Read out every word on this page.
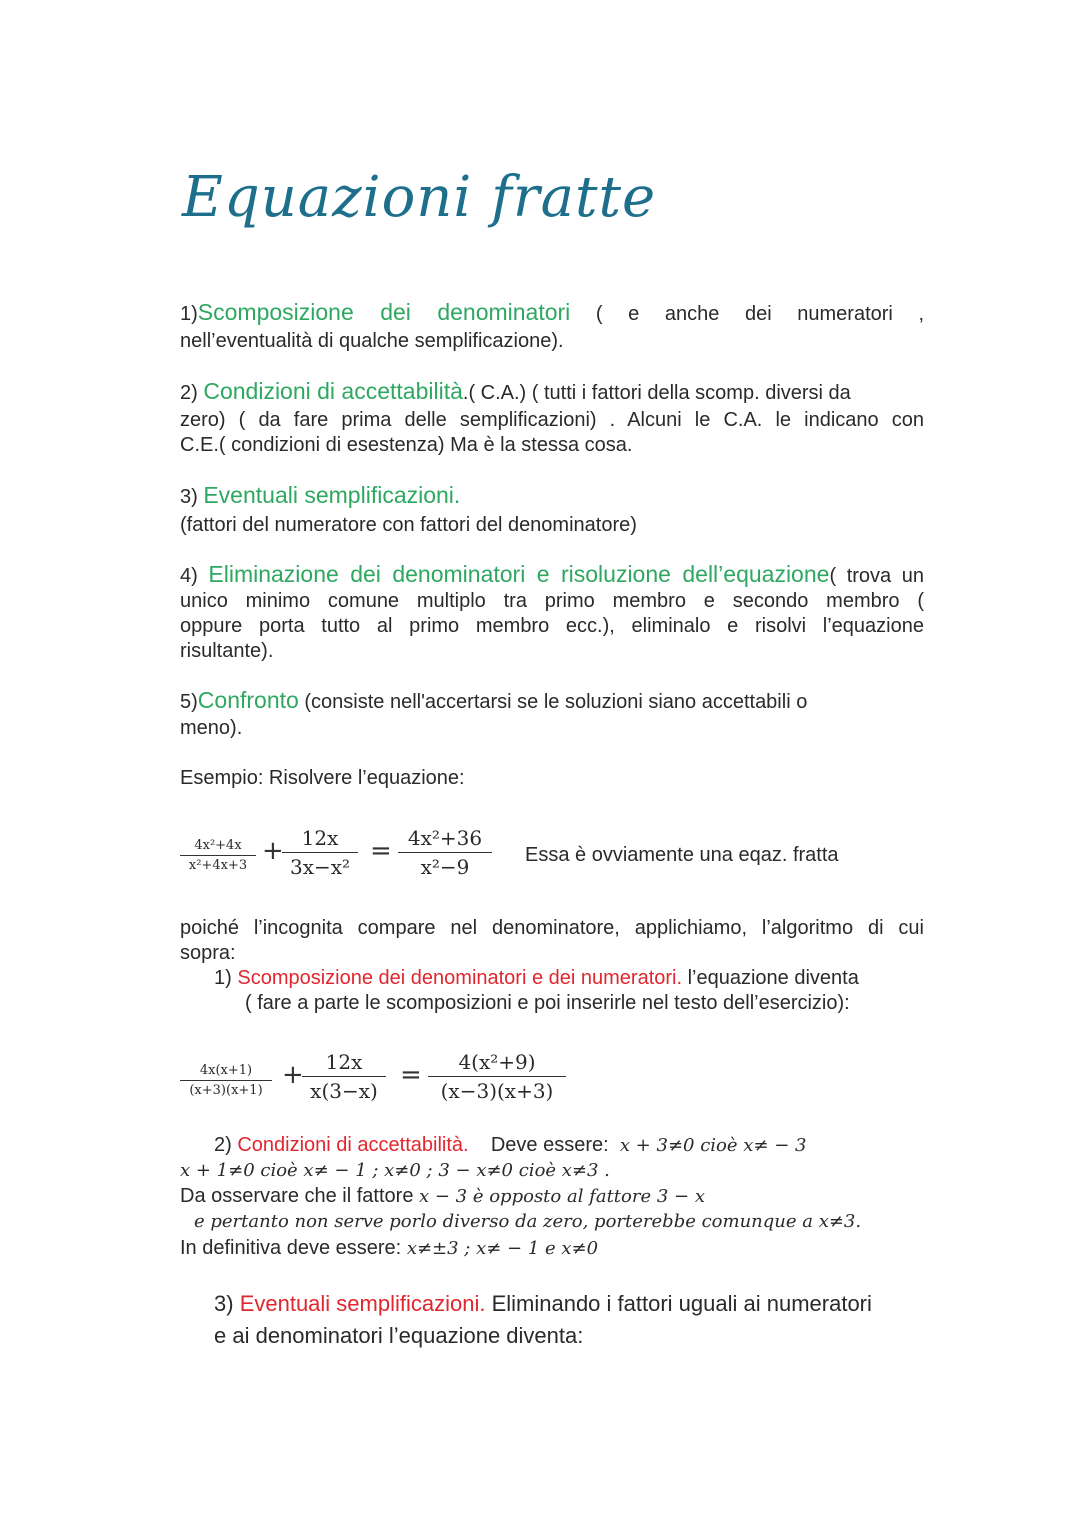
Equazioni fratte
1)Scomposizione dei denominatori ( e anche dei numeratori ,
nell’eventualità di qualche semplificazione).
2) Condizioni di accettabilità.( C.A.) ( tutti i fattori della scomp. diversi da
zero) ( da fare prima delle semplificazioni) . Alcuni le C.A. le indicano con
C.E.( condizioni di esestenza) Ma è la stessa cosa.
3) Eventuali semplificazioni.
(fattori del numeratore con fattori del denominatore)
4) Eliminazione dei denominatori e risoluzione dell’equazione( trova un
unico minimo comune multiplo tra primo membro e secondo membro (
oppure porta tutto al primo membro ecc.), eliminalo e risolvi l’equazione
risultante).
5)Confronto (consiste nell'accertarsi se le soluzioni siano accettabili o
meno).
Esempio: Risolvere l’equazione:
4x²+4x
x²+4x+3 + 12x
3x−x²
= 4x²+36
x²−9	Essa è ovviamente una eqaz. fratta
poiché l’incognita compare nel denominatore, applichiamo, l’algoritmo di cui
sopra:
1) Scomposizione dei denominatori e dei numeratori. l’equazione diventa
( fare a parte le scomposizioni e poi inserirle nel testo dell’esercizio):
4x(x+1)
(x+3)(x+1)
+	12x
x(3−x)
=	4(x²+9)
(x−3)(x+3)
2) Condizioni di accettabilità. Deve essere: x + 3≠0 cioè x≠ − 3
x + 1≠0 cioè x≠ − 1 ; x≠0 ; 3 − x≠0 cioè x≠3 .
Da osservare che il fattore x − 3 è opposto al fattore 3 − x
e pertanto non serve porlo diverso da zero, porterebbe comunque a x≠3.
In definitiva deve essere: x≠±3 ; x≠ − 1 e x≠0
3) Eventuali semplificazioni. Eliminando i fattori uguali ai numeratori
e ai denominatori l’equazione diventa:
